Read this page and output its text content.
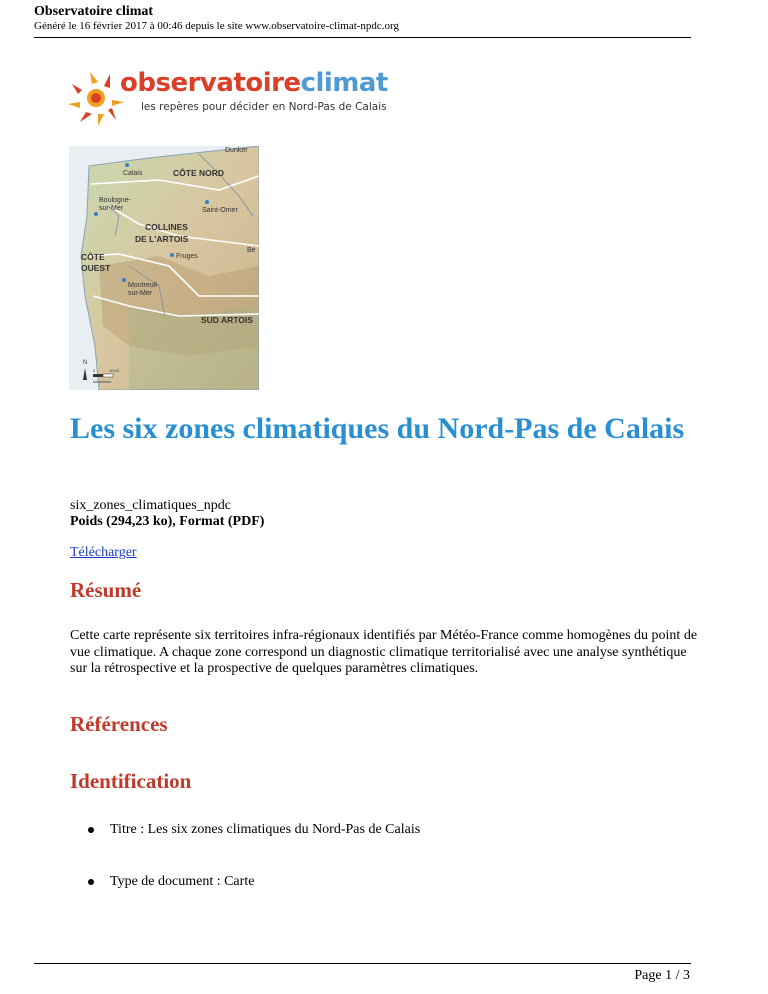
Observatoire climat
Généré le 16 février 2017 à 00:46 depuis le site www.observatoire-climat-npdc.org
observatoireclimat
les repères pour décider en Nord-Pas de Calais
Dunker
Calais	CÔTE NORD
Boulogne-
sur-Mer	Saint-Omer
COLLINES
DE L'ARTOIS
Bé
CÔTE
OUEST
Fruges
Montreuil-
sur-Mer
SUD ARTOIS
N
0	10,03
kilomètres
Les six zones climatiques du Nord-Pas de Calais
six_zones_climatiques_npdc
Poids (294,23 ko), Format (PDF)
Télécharger
Résumé

Cette carte représente six territoires infra-régionaux identifiés par Météo-France comme homogènes du point de vue climatique. A chaque zone correspond un diagnostic climatique territorialisé avec une analyse synthétique sur la rétrospective et la prospective de quelques paramètres climatiques.

Références
Identification
Titre : Les six zones climatiques du Nord-Pas de Calais
Type de document : Carte
Page 1 / 3
